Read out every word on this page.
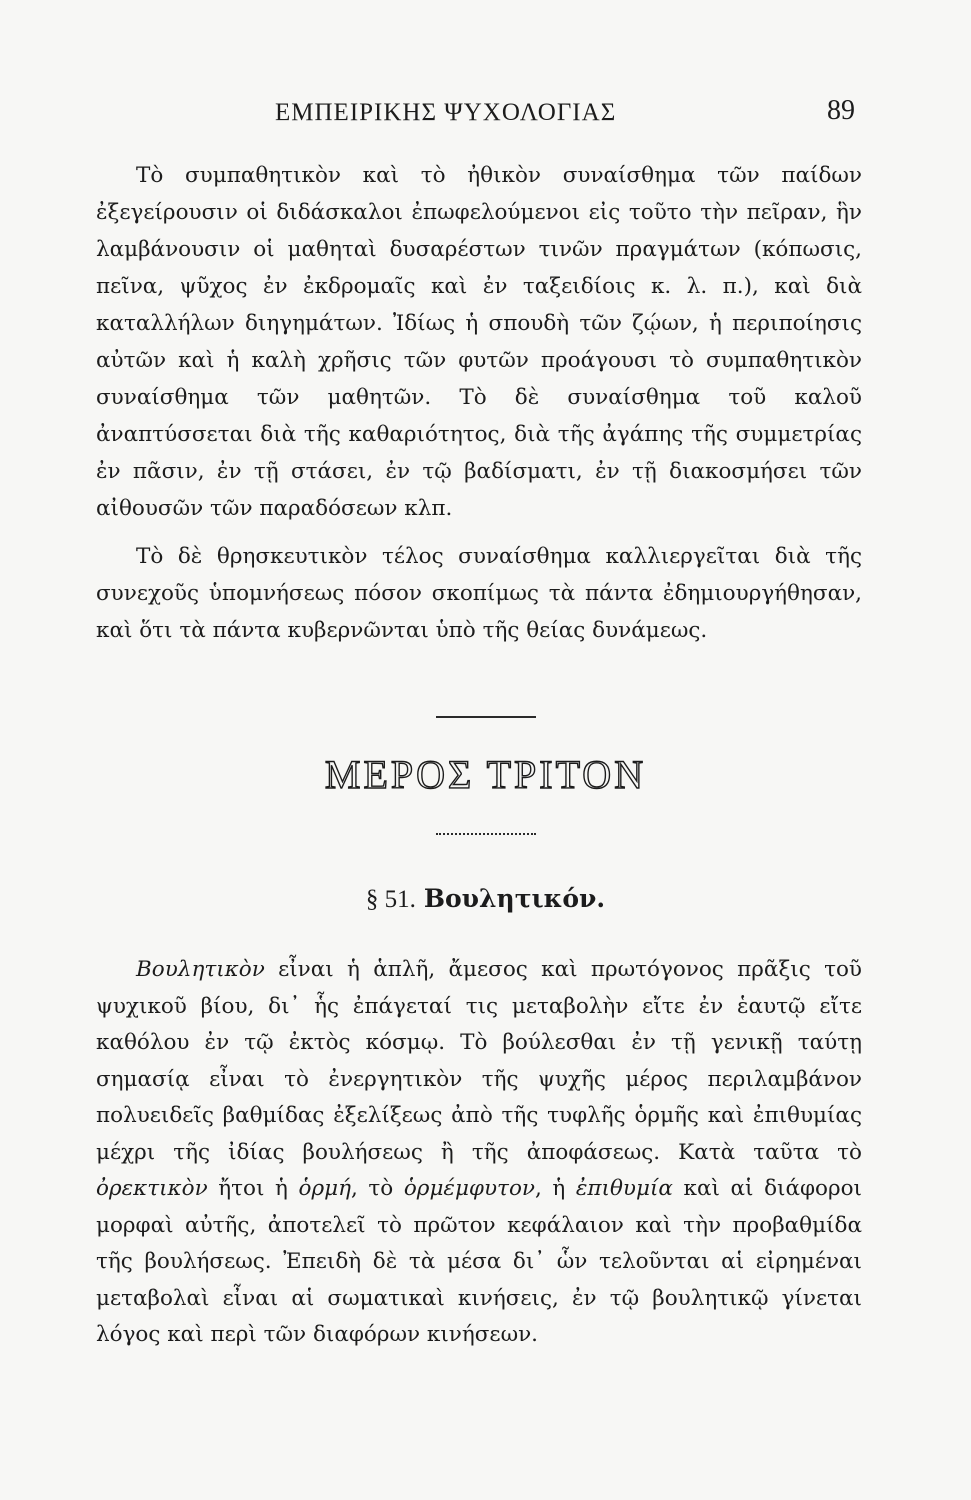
ΕΜΠΕΙΡΙΚΗΣ ΨΥΧΟΛΟΓΙΑΣ	89

Τὸ συμπαθητικὸν καὶ τὸ ἠθικὸν συναίσθημα τῶν παίδων ἐξεγείρουσιν οἱ διδάσκαλοι ἐπωφελούμενοι εἰς τοῦτο τὴν πεῖραν, ἣν λαμβάνουσιν οἱ μαθηταὶ δυσαρέστων τινῶν πραγμάτων (κόπωσις, πεῖνα, ψῦχος ἐν ἐκδρομαῖς καὶ ἐν ταξειδίοις κ. λ. π.), καὶ διὰ καταλλήλων διηγημάτων. Ἰδίως ἡ σπουδὴ τῶν ζῴων, ἡ περιποίησις αὐτῶν καὶ ἡ καλὴ χρῆσις τῶν φυτῶν προάγουσι τὸ συμπαθητικὸν συναίσθημα τῶν μαθητῶν. Τὸ δὲ συναίσθημα τοῦ καλοῦ ἀναπτύσσεται διὰ τῆς καθαριότητος, διὰ τῆς ἀγάπης τῆς συμμετρίας ἐν πᾶσιν, ἐν τῇ στάσει, ἐν τῷ βαδίσματι, ἐν τῇ διακοσμήσει τῶν αἰθουσῶν τῶν παραδόσεων κλπ.

Τὸ δὲ θρησκευτικὸν τέλος συναίσθημα καλλιεργεῖται διὰ τῆς συνεχοῦς ὑπομνήσεως πόσον σκοπίμως τὰ πάντα ἐδημιουργήθησαν, καὶ ὅτι τὰ πάντα κυβερνῶνται ὑπὸ τῆς θείας δυνάμεως.

ΜΕΡΟΣ ΤΡΙΤΟΝ
§ 51. Βουλητικόν.

Βουλητικὸν εἶναι ἡ ἁπλῆ, ἄμεσος καὶ πρωτόγονος πρᾶξις τοῦ ψυχικοῦ βίου, δι᾽ ἧς ἐπάγεταί τις μεταβολὴν εἴτε ἐν ἑαυτῷ εἴτε καθόλου ἐν τῷ ἐκτὸς κόσμῳ. Τὸ βούλεσθαι ἐν τῇ γενικῇ ταύτῃ σημασίᾳ εἶναι τὸ ἐνεργητικὸν τῆς ψυχῆς μέρος περιλαμβάνον πολυειδεῖς βαθμίδας ἐξελίξεως ἀπὸ τῆς τυφλῆς ὁρμῆς καὶ ἐπιθυμίας μέχρι τῆς ἰδίας βουλήσεως ἢ τῆς ἀποφάσεως. Κατὰ ταῦτα τὸ ὀρεκτικὸν ἤτοι ἡ ὁρμή, τὸ ὁρμέμφυτον, ἡ ἐπιθυμία καὶ αἱ διάφοροι μορφαὶ αὐτῆς, ἀποτελεῖ τὸ πρῶτον κεφάλαιον καὶ τὴν προβαθμίδα τῆς βουλήσεως. Ἐπειδὴ δὲ τὰ μέσα δι᾽ ὧν τελοῦνται αἱ εἰρημέναι μεταβολαὶ εἶναι αἱ σωματικαὶ κινήσεις, ἐν τῷ βουλητικῷ γίνεται λόγος καὶ περὶ τῶν διαφόρων κινήσεων.
